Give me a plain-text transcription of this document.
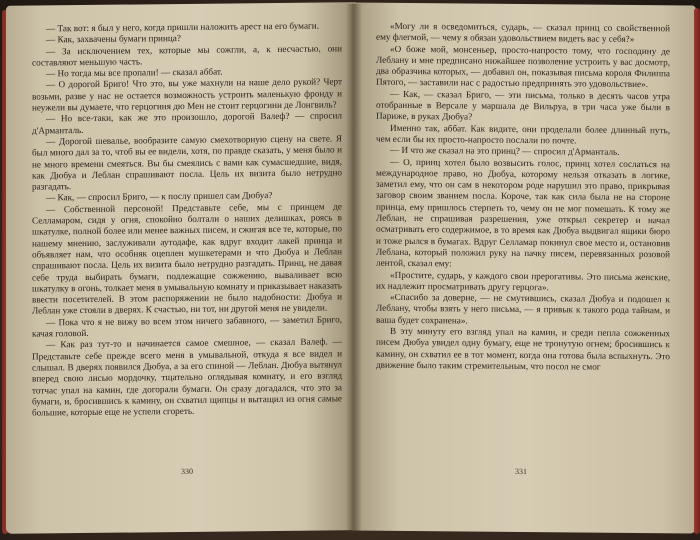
— Так вот: я был у него, когда пришли наложить арест на его бумаги.

— Как, захвачены бумаги принца?

— За исключением тех, которые мы сожгли, а, к несчастью, они составляют меньшую часть.

— Но тогда мы все пропали! — сказал аббат.

— О дорогой Бриго! Что это, вы уже махнули на наше дело рукой? Черт возьми, разве у нас не остается возможность устроить маленькую фронду и неужели вы думаете, что герцогиня дю Мен не стоит герцогини де Лонгвиль?

— Но все-таки, как же это произошло, дорогой Валеф? — спросил д'Арманталь.

— Дорогой шевалье, вообразите самую смехотворную сцену на свете. Я был много дал за то, чтоб вы ее видели, хотя, по правде сказать, у меня было и не много времени смеяться. Вы бы смеялись с вами как сумасшедшие, видя, как Дюбуа и Леблан спрашивают посла. Цель их визита было нетрудно разгадать.

— Как, — спросил Бриго, — к послу пришел сам Дюбуа?

— Собственной персоной! Представьте себе, мы с принцем де Селламаром, сидя у огня, спокойно болтали о наших делишках, роясь в шкатулке, полной более или менее важных писем, и сжигая все те, которые, по нашему мнению, заслуживали аутодафе, как вдруг входит лакей принца и объявляет нам, что особняк оцеплен мушкетерами и что Дюбуа и Леблан спрашивают посла. Цель их визита было нетрудно разгадать. Принц, не давая себе труда выбирать бумаги, подлежащие сожжению, вываливает всю шкатулку в огонь, толкает меня в умывальную комнату и приказывает наказать ввести посетителей. В этом распоряжении не было надобности: Дюбуа и Леблан уже стояли в дверях. К счастью, ни тот, ни другой меня не увидели.

— Пока что я не вижу во всем этом ничего забавного, — заметил Бриго, качая головой.

— Как раз тут-то и начинается самое смешное, — сказал Валеф. — Представьте себе прежде всего меня в умывальной, откуда я все видел и слышал. В дверях появился Дюбуа, а за его спиной — Леблан. Дюбуа вытянул вперед свою лисью мордочку, тщательно оглядывая комнату, и его взгляд тотчас упал на камин, где догорали бумаги. Он сразу догадался, что это за бумаги, и, бросившись к камину, он схватил щипцы и вытащил из огня самые большие, которые еще не успели сгореть.

330

«Могу ли я осведомиться, сударь, — сказал принц со свойственной ему флегмой, — чему я обязан удовольствием видеть вас у себя?»

«О боже мой, монсеньер, просто-напросто тому, что господину де Леблану и мне предписано нижайшее позволение устроить у вас досмотр, два образчика которых, — добавил он, показывая письма короля Филиппа Пятого, — заставили нас с радостью предпринять это удовольствие».

— Как, — сказал Бриго, — эти письма, только в десять часов утра отобранные в Версале у маршала де Вильруа, в три часа уже были в Париже, в руках Дюбуа?

Именно так, аббат. Как видите, они проделали более длинный путь, чем если бы их просто-напросто послали по почте.

— И что же сказал на это принц? — спросил д'Арманталь.

— О, принц хотел было возвысить голос, принц хотел сослаться на международное право, но Дюбуа, которому нельзя отказать в логике, заметил ему, что он сам в некотором роде нарушил это право, прикрывая заговор своим званием посла. Короче, так как сила была не на стороне принца, ему пришлось стерпеть то, чему он не мог помешать. К тому же Леблан, не спрашивая разрешения, уже открыл секретер и начал осматривать его содержимое, в то время как Дюбуа выдвигал ящики бюро и тоже рылся в бумагах. Вдруг Селламар покинул свое место и, остановив Леблана, который положил руку на пачку писем, перевязанных розовой лентой, сказал ему:

«Простите, сударь, у каждого свои прерогативы. Это письма женские, их надлежит просматривать другу герцога».

«Спасибо за доверие, — не смутившись, сказал Дюбуа и подошел к Леблану, чтобы взять у него письма, — я привык к такого рода тайнам, и ваша будет сохранена».

В эту минуту его взгляд упал на камин, и среди пепла сожженных писем Дюбуа увидел одну бумагу, еще не тронутую огнем; бросившись к камину, он схватил ее в тот момент, когда она готова была вспыхнуть. Это движение было таким стремительным, что посол не смог

331
